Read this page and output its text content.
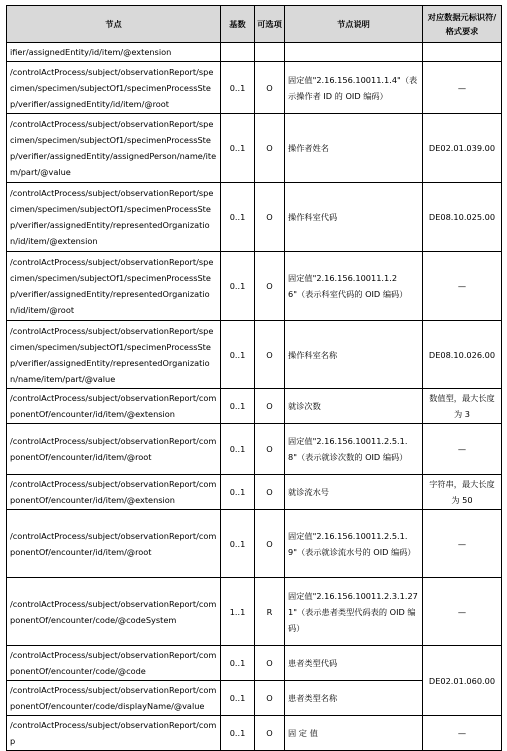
节点	基数	可选项	节点说明	对应数据元标识符/格式要求
ifier/assignedEntity/id/item/@extension				
/controlActProcess/subject/observationReport/specimen/specimen/subjectOf1/specimenProcessStep/verifier/assignedEntity/id/item/@root	0..1	O	固定值"2.16.156.10011.1.4"（表示操作者 ID 的 OID 编码）	—
/controlActProcess/subject/observationReport/specimen/specimen/subjectOf1/specimenProcessStep/verifier/assignedEntity/assignedPerson/name/item/part/@value	0..1	O	操作者姓名	DE02.01.039.00
/controlActProcess/subject/observationReport/specimen/specimen/subjectOf1/specimenProcessStep/verifier/assignedEntity/representedOrganization/id/item/@extension	0..1	O	操作科室代码	DE08.10.025.00
/controlActProcess/subject/observationReport/specimen/specimen/subjectOf1/specimenProcessStep/verifier/assignedEntity/representedOrganization/id/item/@root	0..1	O	固定值"2.16.156.10011.1.26"（表示科室代码的 OID 编码）	—
/controlActProcess/subject/observationReport/specimen/specimen/subjectOf1/specimenProcessStep/verifier/assignedEntity/representedOrganization/name/item/part/@value	0..1	O	操作科室名称	DE08.10.026.00
/controlActProcess/subject/observationReport/componentOf/encounter/id/item/@extension	0..1	O	就诊次数	数值型，最大长度为 3
/controlActProcess/subject/observationReport/componentOf/encounter/id/item/@root	0..1	O	固定值"2.16.156.10011.2.5.1.8"（表示就诊次数的 OID 编码）	—
/controlActProcess/subject/observationReport/componentOf/encounter/id/item/@extension	0..1	O	就诊流水号	字符串，最大长度为 50
/controlActProcess/subject/observationReport/componentOf/encounter/id/item/@root	0..1	O	固定值"2.16.156.10011.2.5.1.9"（表示就诊流水号的 OID 编码）	—
/controlActProcess/subject/observationReport/componentOf/encounter/code/@codeSystem	1..1	R	固定值"2.16.156.10011.2.3.1.271"（表示患者类型代码表的 OID 编码）	—
/controlActProcess/subject/observationReport/componentOf/encounter/code/@code	0..1	O	患者类型代码	DE02.01.060.00
/controlActProcess/subject/observationReport/componentOf/encounter/code/displayName/@value	0..1	O	患者类型名称	
/controlActProcess/subject/observationReport/comp	0..1	O	固 定 值	—
